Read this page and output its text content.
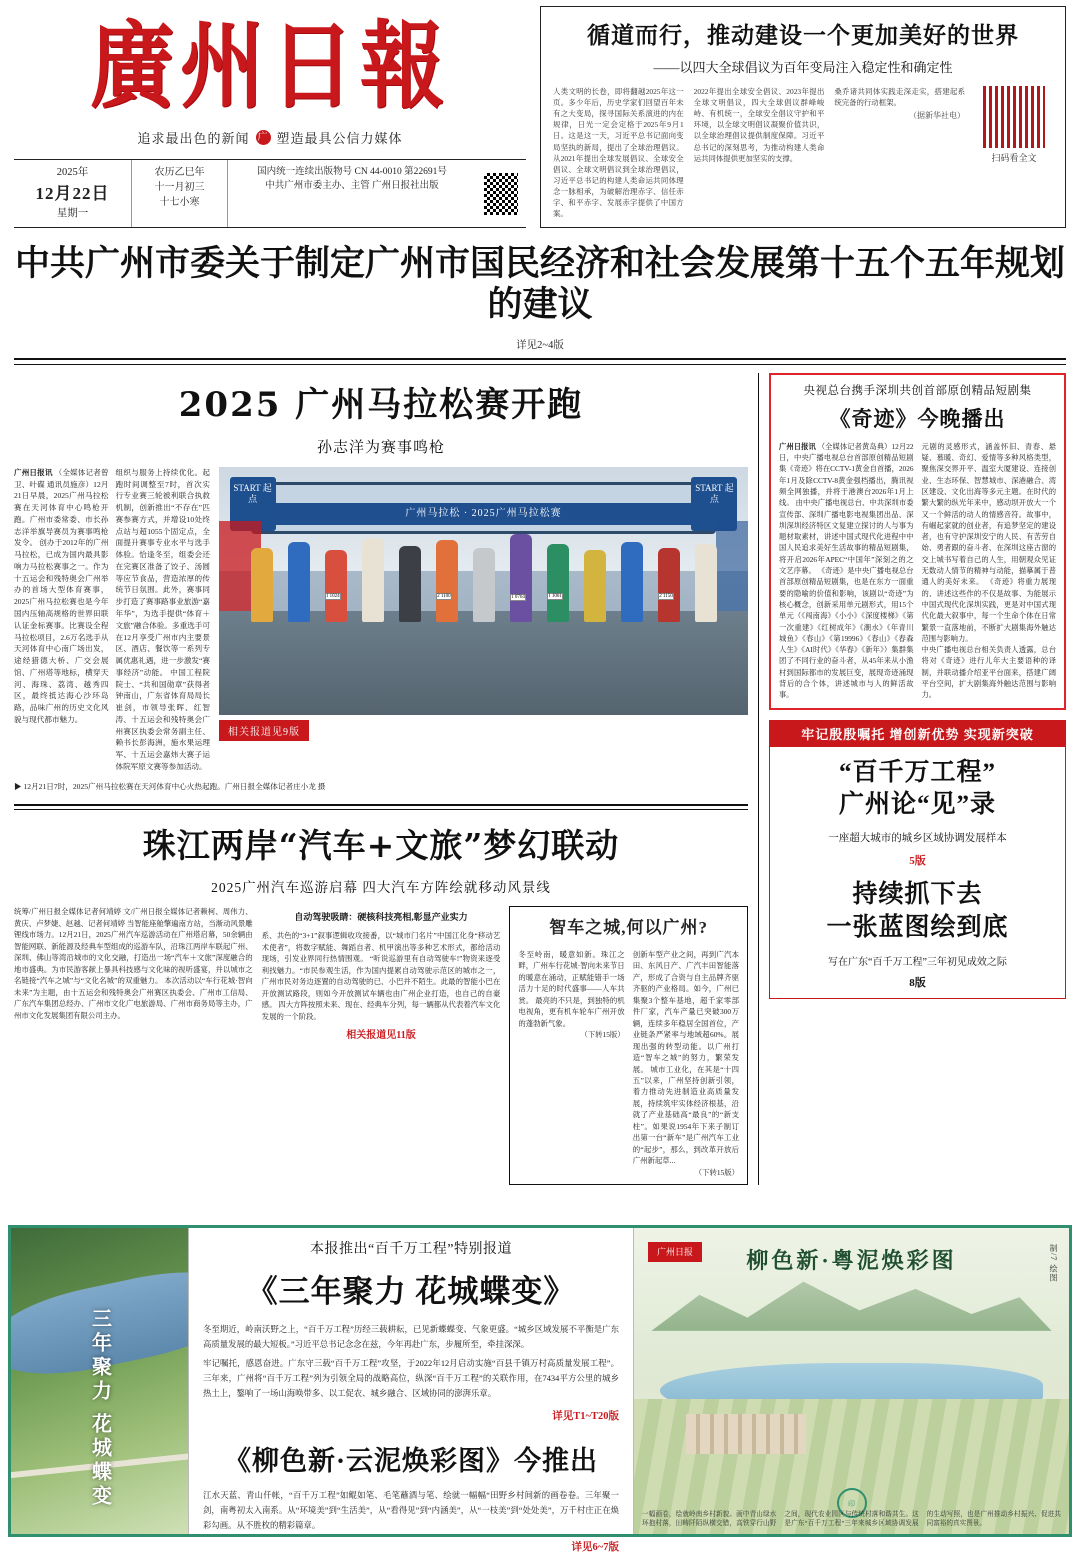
廣州日報
追求最出色的新闻 广 塑造最具公信力媒体
2025年
12月22日
星期一
农历乙巳年
十一月初三
十七小寒
国内统一连续出版物号 CN 44-0010 第22691号
中共广州市委主办、主管 广州日报社出版
循道而行，推动建设一个更加美好的世界
——以四大全球倡议为百年变局注入稳定性和确定性
人类文明的长卷，即将翻越2025年这一页。多少年后，历史学家们回望百年未有之大变局，探寻国际关系演进的内在规律，日光一定会定格于2025年9月1日。这是这一天，习近平总书记面向变局坚执的新局，提出了全球治理倡议。从2021年提出全球发展倡议、全球安全倡议、全球文明倡议到全球治理倡议，习近平总书记的构建人类命运共同体理念一脉相承，为破解治理赤字、信任赤字、和平赤字、发展赤字提供了中国方案。
2022年提出全球安全倡议、2023年提出全球文明倡议，四大全球倡议群峰峻峙、有机统一，全球安全倡议守护和平环境，以全球文明倡议凝聚价值共识，以全球治理倡议提供制度保障。习近平总书记的深刻思考，为推动构建人类命运共同体提供更加坚实的支撑。
桑乔诸共同体实践走深走实，搭建起系统完备的行动框架。
（据新华社电）
扫码看全文
中共广州市委关于制定广州市国民经济和社会发展第十五个五年规划的建议
详见2~4版
2025 广州马拉松赛开跑
孙志洋为赛事鸣枪
广州日报讯 （全媒体记者曾卫、叶碟 通讯员施彦）12月21日早晨，2025广州马拉松赛在天河体育中心鸣枪开跑。广州市委常委、市长孙志洋举旗导赛员为赛事鸣枪发令。 创办于2012年的广州马拉松，已成为国内最具影响力马拉松赛事之一。作为十五运会和残特奥会广州举办的首场大型体育赛事，2025广州马拉松赛也是今年国内压轴高规格的世界田联认证金标赛事。比赛设全程马拉松项目，2.6万名选手从天河体育中心南广场出发，途经猎德大桥、广交会展馆、广州塔等地标，横穿天河、海珠、荔湾、越秀四区，最终抵达海心沙环岛路，品味广州的历史文化风貌与现代都市魅力。
组织与服务上持续优化。起跑时间调整至7时，首次实行专业赛三轮被利联合执救机制，创新推出“不存在”匹赛参赛方式，并增设10处终点站与超1055个固定点，全面提升赛事专业水平与选手体验。恰逢冬至，组委会还在完赛区准备了饺子、汤圆等应节食品，营造浓厚的传统节日氛围。此外，赛事同步打造了赛事路事业旅游“嘉年华”，为选手提供“体育＋文旅”融合体验。多重选手可在12月享受广州市内主要景区、酒店、餐饮等一系列专属优惠礼遇，进一步激发“赛事经济”动能。 中国工程院院士、“共和国勋章”获得者钟南山，广东省体育局局长崔剑，市领导张晖、红智涛、十五运会和残特奥会广州赛区执委会常务副主任、赖书长彭海洲，施水果运理军、十五运会嘉炜大赛子运体院军原文赛等参加活动。
广州马拉松 · 2025广州马拉松赛
START 起点
START 起点
1 1024	2 1100	1 0764	1 1061	2 1150
相关报道见9版
▶ 12月21日7时，2025广州马拉松赛在天河体育中心火热起跑。广州日报全媒体记者庄小龙 摄
珠江两岸“汽车+文旅”梦幻联动
2025广州汽车巡游启幕 四大汽车方阵绘就移动风景线
统筹/广州日报全媒体记者何靖婷 文/广州日报全媒体记者赖柯、周伟力、黄庆、卢梦婕、赵越、记者何靖婷 当智能座舱擎遍南方站，当渐动风景雕锂线市场力。12月21日，2025广州汽车巡游活动在广州塔启幕，50余辆由智能网联、新能源及经典车型组成的巡游车队，沿珠江两岸车联起广州、深圳、佛山等湾沿城市的文化交融，打造出一场“汽车＋文旅”深度融合的地市盛典。为市民游客献上暴具科技感与文化味的视听盛宴，并以城市之名链接“汽车之城”与“文化名城”的双重魅力。 本次活动以“车行花城·智向未来”为主题，由十五运会和残特奥会广州赛区执委会、广州市工信局、广东汽车集团总经办、广州市文化广电旅游局、广州市商务局等主办，广州市文化发展集团有限公司主办。
自动驾驶吸睛：硬核科技亮相,彰显产业实力
系、共色的“3+1”叙事逻辑收攻接番，以“城市门名片”中国江化身“移动艺术使者”，将数字赋能、舞蹈自者、机甲演出等多种艺术形式，都给活动现场，引发业界同行热情围观。 “听说巡游里有自动驾驶车!”物资来逐受利找魅力。“市民参观生活，作为国内提累自动驾驶示范区的城市之一，广州市民对务边逐置的自动驾驶的已、小巴并不陌生。此最的智能小巴在开放测试路段，则如今开放测试车辆也由广州企业打造，也自己的自豪感。 四大方阵按照未来、现在、经典车分列，每一辆都从代表着汽车文化发展的一个阶段。
相关报道见11版
智车之城,何以广州?
冬至岭南，暖意如新。珠江之畔，广州车行花城·智向未来节日的暖意在涌动，正赋能错手一场活力十足的时代盛事——人车共赏。 最亮的不只是，到独特的机电视角，更有机车轮车广州开放的蓬勃新气象。
（下转15版）
创新车型产业之间，再到广汽本田、东风日产、广汽丰田智能落产，形成了合资与自主品牌齐驱齐驱的产业格局。如今，广州已集聚3个整车基地，超千家零部件厂家，汽车产量已突破300万辆，连续多年稳居全国首位，产业链条严紧率与地域超60%。展现出强的转型动能。以广州打造“智车之城”的努力，繁荣发展。 城市工业化，在其是“十四五”以来，广州坚持创新引领，着力推动先进制造业高质量发展，持续筑牢实体经济根基，沿就了产业基础高“最良”的“新支柱”。如果说1954年下来子制订出第一台“新车”是广州汽车工业的“起步”，那么，到改革开放后广州新起草...
（下转15版）
央视总台携手深圳共创首部原创精品短剧集
《奇迹》今晚播出
广州日报讯 （全媒体记者黄岛典）12月22日，中央广播电视总台首部原创精品短剧集《奇迹》将在CCTV-1黄金自首播，2026年1月及除CCTV-8黄金强档播出，腾讯视频全网独播，并将于港澳台2026年1月上线。 由中央广播电视总台、中共深圳市委宣传部、深圳广播电影电视集团出品、深圳深圳经济特区文复建立探讨的人与事为题材取素材，讲述中国式现代化进程中中国人民追求美好生活故事的精品短剧集，将开启2026年APEC“中国年”深刻之的之文艺序幕。 《奇迹》是中央广播电视总台首部原创精品短剧集，也是在东方一面重要的隐喻的价值和影响，该剧以“奇迹”为核心概念，创新采用单元剧形式，用15个单元（《闯南海》《小小》《深度楼梯》《第一次重建》《红树成年》《潮水》《年青川城鱼》《春山》《第19996》《春山》《春森人生》《AI时代》《华春》《新年》）集群集团了不同行业的奋斗者，从45年来从小渔村到国际都市的发展巨变，展现奇迹涌现背后的合个体，讲述城市与人的鲜活故事。
元剧的灵感形式，涵盖怀旧、青春、悬疑、慕暖、奇幻、爱情等多种风格类型，聚焦深交界开平、温室大厦建设、连接创业、生态环保、智慧城市、深港融合、湾区建设、文化出海等多元主题。在时代的繁大繁的纵光年来中，感动坝开放大一个又一个鲜活的动人的情感音符。故事中，有崛起家就的创业者，有追梦坚定的建设者，也有守护深圳安宁的人民、有苦劳自始、勇者跟的奋斗者、在深圳这座古窗的交上城书写着自己的人生，用朝观众见证无数动人情节的精神与动能，描摹属于普通人的美好未来。 《奇迹》将重力展现的、讲述这些作的不仅是故事、为能展示中国式现代化深圳实践，更是对中国式现代化最大叙事中，每一个生命个体在日常繁景一直落地前，不断扩大剧集海外触达范围与影响力。
中央广播电视总台相关负责人透露，总台将对《奇迹》进行儿年大主要语种的译制，并联动播介绍亚平台面来，搭建广阔平台空间，扩大剧集海外触达范围与影响力。
牢记殷殷嘱托 增创新优势 实现新突破
“百千万工程”
广州论“见”录
一座超大城市的城乡区域协调发展样本
5版
持续抓下去
一张蓝图绘到底
写在广东“百千万工程”三年初见成效之际
8版
三年聚力 花城蝶变
本报推出“百千万工程”特别报道
《三年聚力 花城蝶变》

冬至期近，岭南沃野之上，“百千万工程”历经三载耕耘，已见新蝶蝶变、气象更盛。“城乡区域发展不平衡是广东高质量发展的最大短板。”习近平总书记念念在兹，今年再赴广东，步履所至，牵挂深深。

牢记嘱托，感恩奋进。广东守三载“百千万工程”攻坚，于2022年12月启动实施“百县千镇万村高质量发展工程”。三年来，广州将“百千万工程”列为引领全局的战略高位，纵深“百千万工程”的关联作用，在7434平方公里的城乡热土上，鏊响了一场山海唤带多、以工促农、城乡融合、区域协同的澎湃乐章。

详见T1~T20版
《柳色新·云泥焕彩图》今推出
江水天蓝、青山仟帐，“百千万工程”如鲲如笔、毛笔蘸酒与笔、绘就一幅幅“田野乡村间新的画卷卷。三年聚一剑，南粤初太入南系。从“环境美”到“生活美”，从“看得见”到“内涵美”，从“一枝美”到“处处美”，万千村庄正在焕彩勾画。从不胜枚的精彩篇章。
详见6~7版
广州日报	柳色新·粤泥焕彩图	制/7 绘图
印
一幅画卷，绘就岭南乡村新貌。画中青山绿水环抱村落，田畴阡陌纵横交错，高铁穿行山野之间，现代农业园区与传统村落和谐共生。这是广东“百千万工程”三年来城乡区域协调发展的生动写照，也是广州推动乡村振兴、促进共同富裕的真实图景。
